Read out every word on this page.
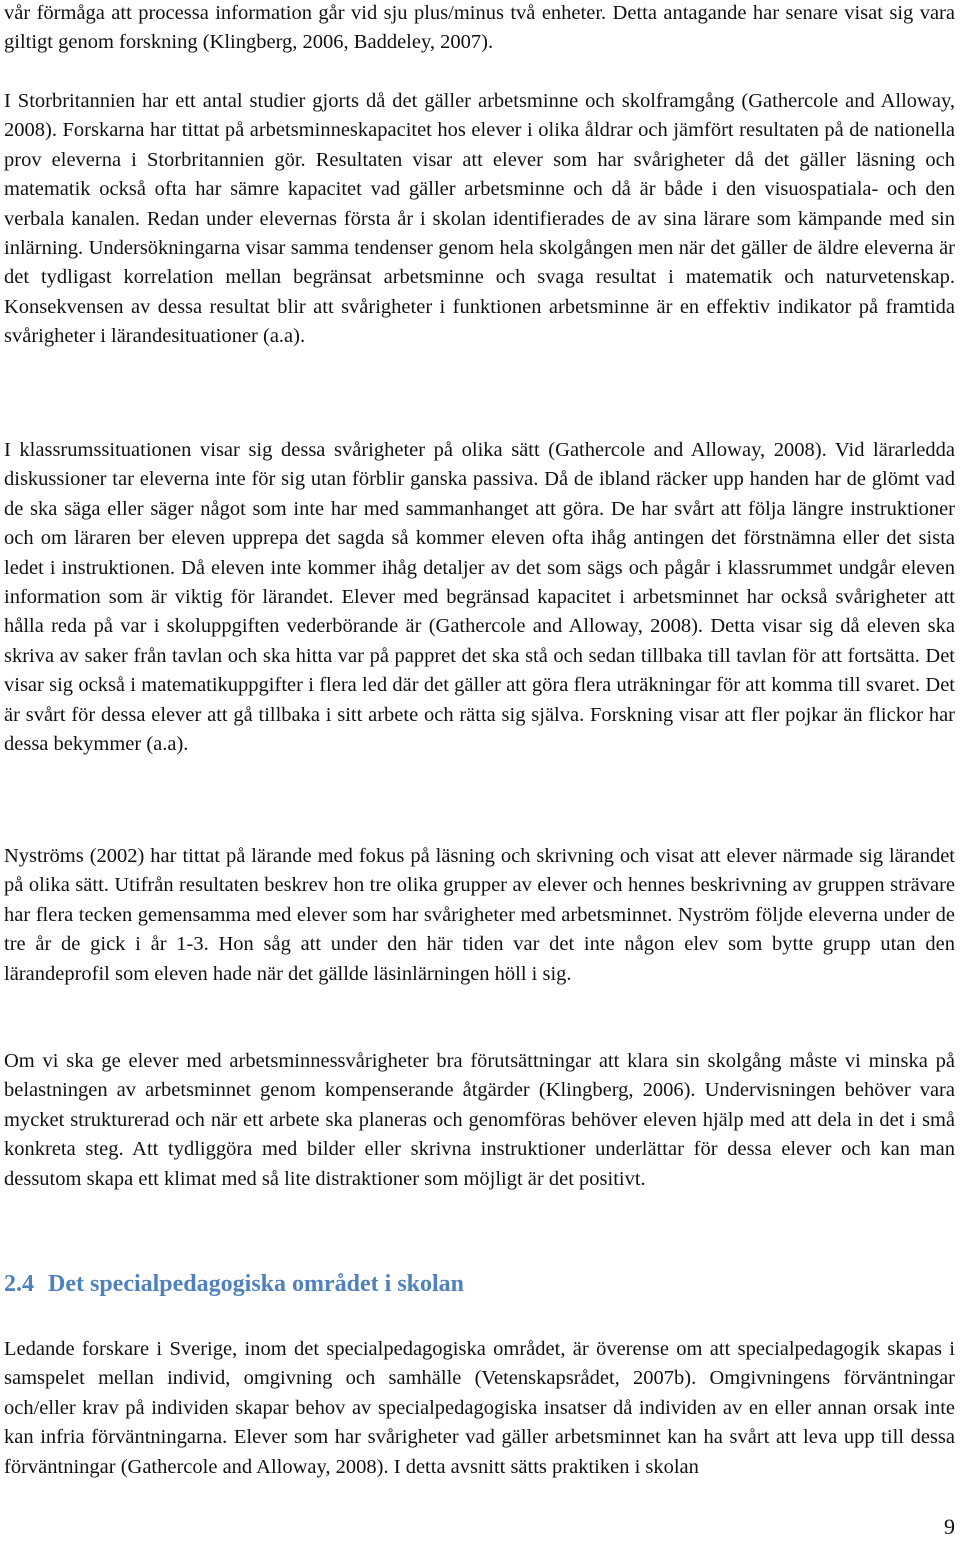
vår förmåga att processa information går vid sju plus/minus två enheter. Detta antagande har senare visat sig vara giltigt genom forskning (Klingberg, 2006, Baddeley, 2007).

I Storbritannien har ett antal studier gjorts då det gäller arbetsminne och skolframgång (Gathercole and Alloway, 2008). Forskarna har tittat på arbetsminneskapacitet hos elever i olika åldrar och jämfört resultaten på de nationella prov eleverna i Storbritannien gör. Resultaten visar att elever som har svårigheter då det gäller läsning och matematik också ofta har sämre kapacitet vad gäller arbetsminne och då är både i den visuospatiala- och den verbala kanalen. Redan under elevernas första år i skolan identifierades de av sina lärare som kämpande med sin inlärning. Undersökningarna visar samma tendenser genom hela skolgången men när det gäller de äldre eleverna är det tydligast korrelation mellan begränsat arbetsminne och svaga resultat i matematik och naturvetenskap. Konsekvensen av dessa resultat blir att svårigheter i funktionen arbetsminne är en effektiv indikator på framtida svårigheter i lärandesituationer (a.a).

I klassrumssituationen visar sig dessa svårigheter på olika sätt (Gathercole and Alloway, 2008). Vid lärarledda diskussioner tar eleverna inte för sig utan förblir ganska passiva. Då de ibland räcker upp handen har de glömt vad de ska säga eller säger något som inte har med sammanhanget att göra. De har svårt att följa längre instruktioner och om läraren ber eleven upprepa det sagda så kommer eleven ofta ihåg antingen det förstnämna eller det sista ledet i instruktionen. Då eleven inte kommer ihåg detaljer av det som sägs och pågår i klassrummet undgår eleven information som är viktig för lärandet. Elever med begränsad kapacitet i arbetsminnet har också svårigheter att hålla reda på var i skoluppgiften vederbörande är (Gathercole and Alloway, 2008). Detta visar sig då eleven ska skriva av saker från tavlan och ska hitta var på pappret det ska stå och sedan tillbaka till tavlan för att fortsätta. Det visar sig också i matematikuppgifter i flera led där det gäller att göra flera uträkningar för att komma till svaret. Det är svårt för dessa elever att gå tillbaka i sitt arbete och rätta sig själva. Forskning visar att fler pojkar än flickor har dessa bekymmer (a.a).

Nyströms (2002) har tittat på lärande med fokus på läsning och skrivning och visat att elever närmade sig lärandet på olika sätt. Utifrån resultaten beskrev hon tre olika grupper av elever och hennes beskrivning av gruppen strävare har flera tecken gemensamma med elever som har svårigheter med arbetsminnet. Nyström följde eleverna under de tre år de gick i år 1-3. Hon såg att under den här tiden var det inte någon elev som bytte grupp utan den lärandeprofil som eleven hade när det gällde läsinlärningen höll i sig.

Om vi ska ge elever med arbetsminnessvårigheter bra förutsättningar att klara sin skolgång måste vi minska på belastningen av arbetsminnet genom kompenserande åtgärder (Klingberg, 2006). Undervisningen behöver vara mycket strukturerad och när ett arbete ska planeras och genomföras behöver eleven hjälp med att dela in det i små konkreta steg. Att tydliggöra med bilder eller skrivna instruktioner underlättar för dessa elever och kan man dessutom skapa ett klimat med så lite distraktioner som möjligt är det positivt.

2.4 Det specialpedagogiska området i skolan

Ledande forskare i Sverige, inom det specialpedagogiska området, är överense om att specialpedagogik skapas i samspelet mellan individ, omgivning och samhälle (Vetenskapsrådet, 2007b). Omgivningens förväntningar och/eller krav på individen skapar behov av specialpedagogiska insatser då individen av en eller annan orsak inte kan infria förväntningarna. Elever som har svårigheter vad gäller arbetsminnet kan ha svårt att leva upp till dessa förväntningar (Gathercole and Alloway, 2008). I detta avsnitt sätts praktiken i skolan

9
